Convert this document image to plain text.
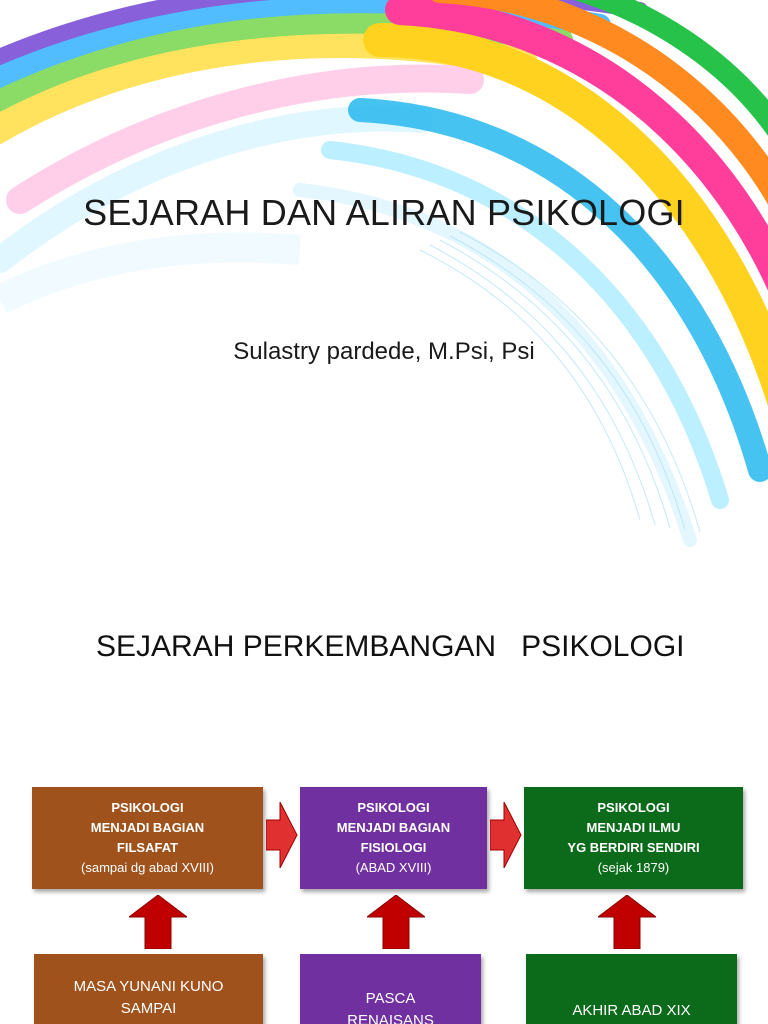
SEJARAH DAN ALIRAN PSIKOLOGI
Sulastry pardede, M.Psi, Psi
SEJARAH PERKEMBANGAN   PSIKOLOGI
PSIKOLOGI
MENJADI BAGIAN
FILSAFAT
(sampai dg abad XVIII)
PSIKOLOGI
MENJADI BAGIAN
FISIOLOGI
(ABAD XVIII)
PSIKOLOGI
MENJADI ILMU
YG BERDIRI SENDIRI
(sejak 1879)
MASA YUNANI KUNO
SAMPAI
PASCA
RENAISANS
AKHIR ABAD XIX
